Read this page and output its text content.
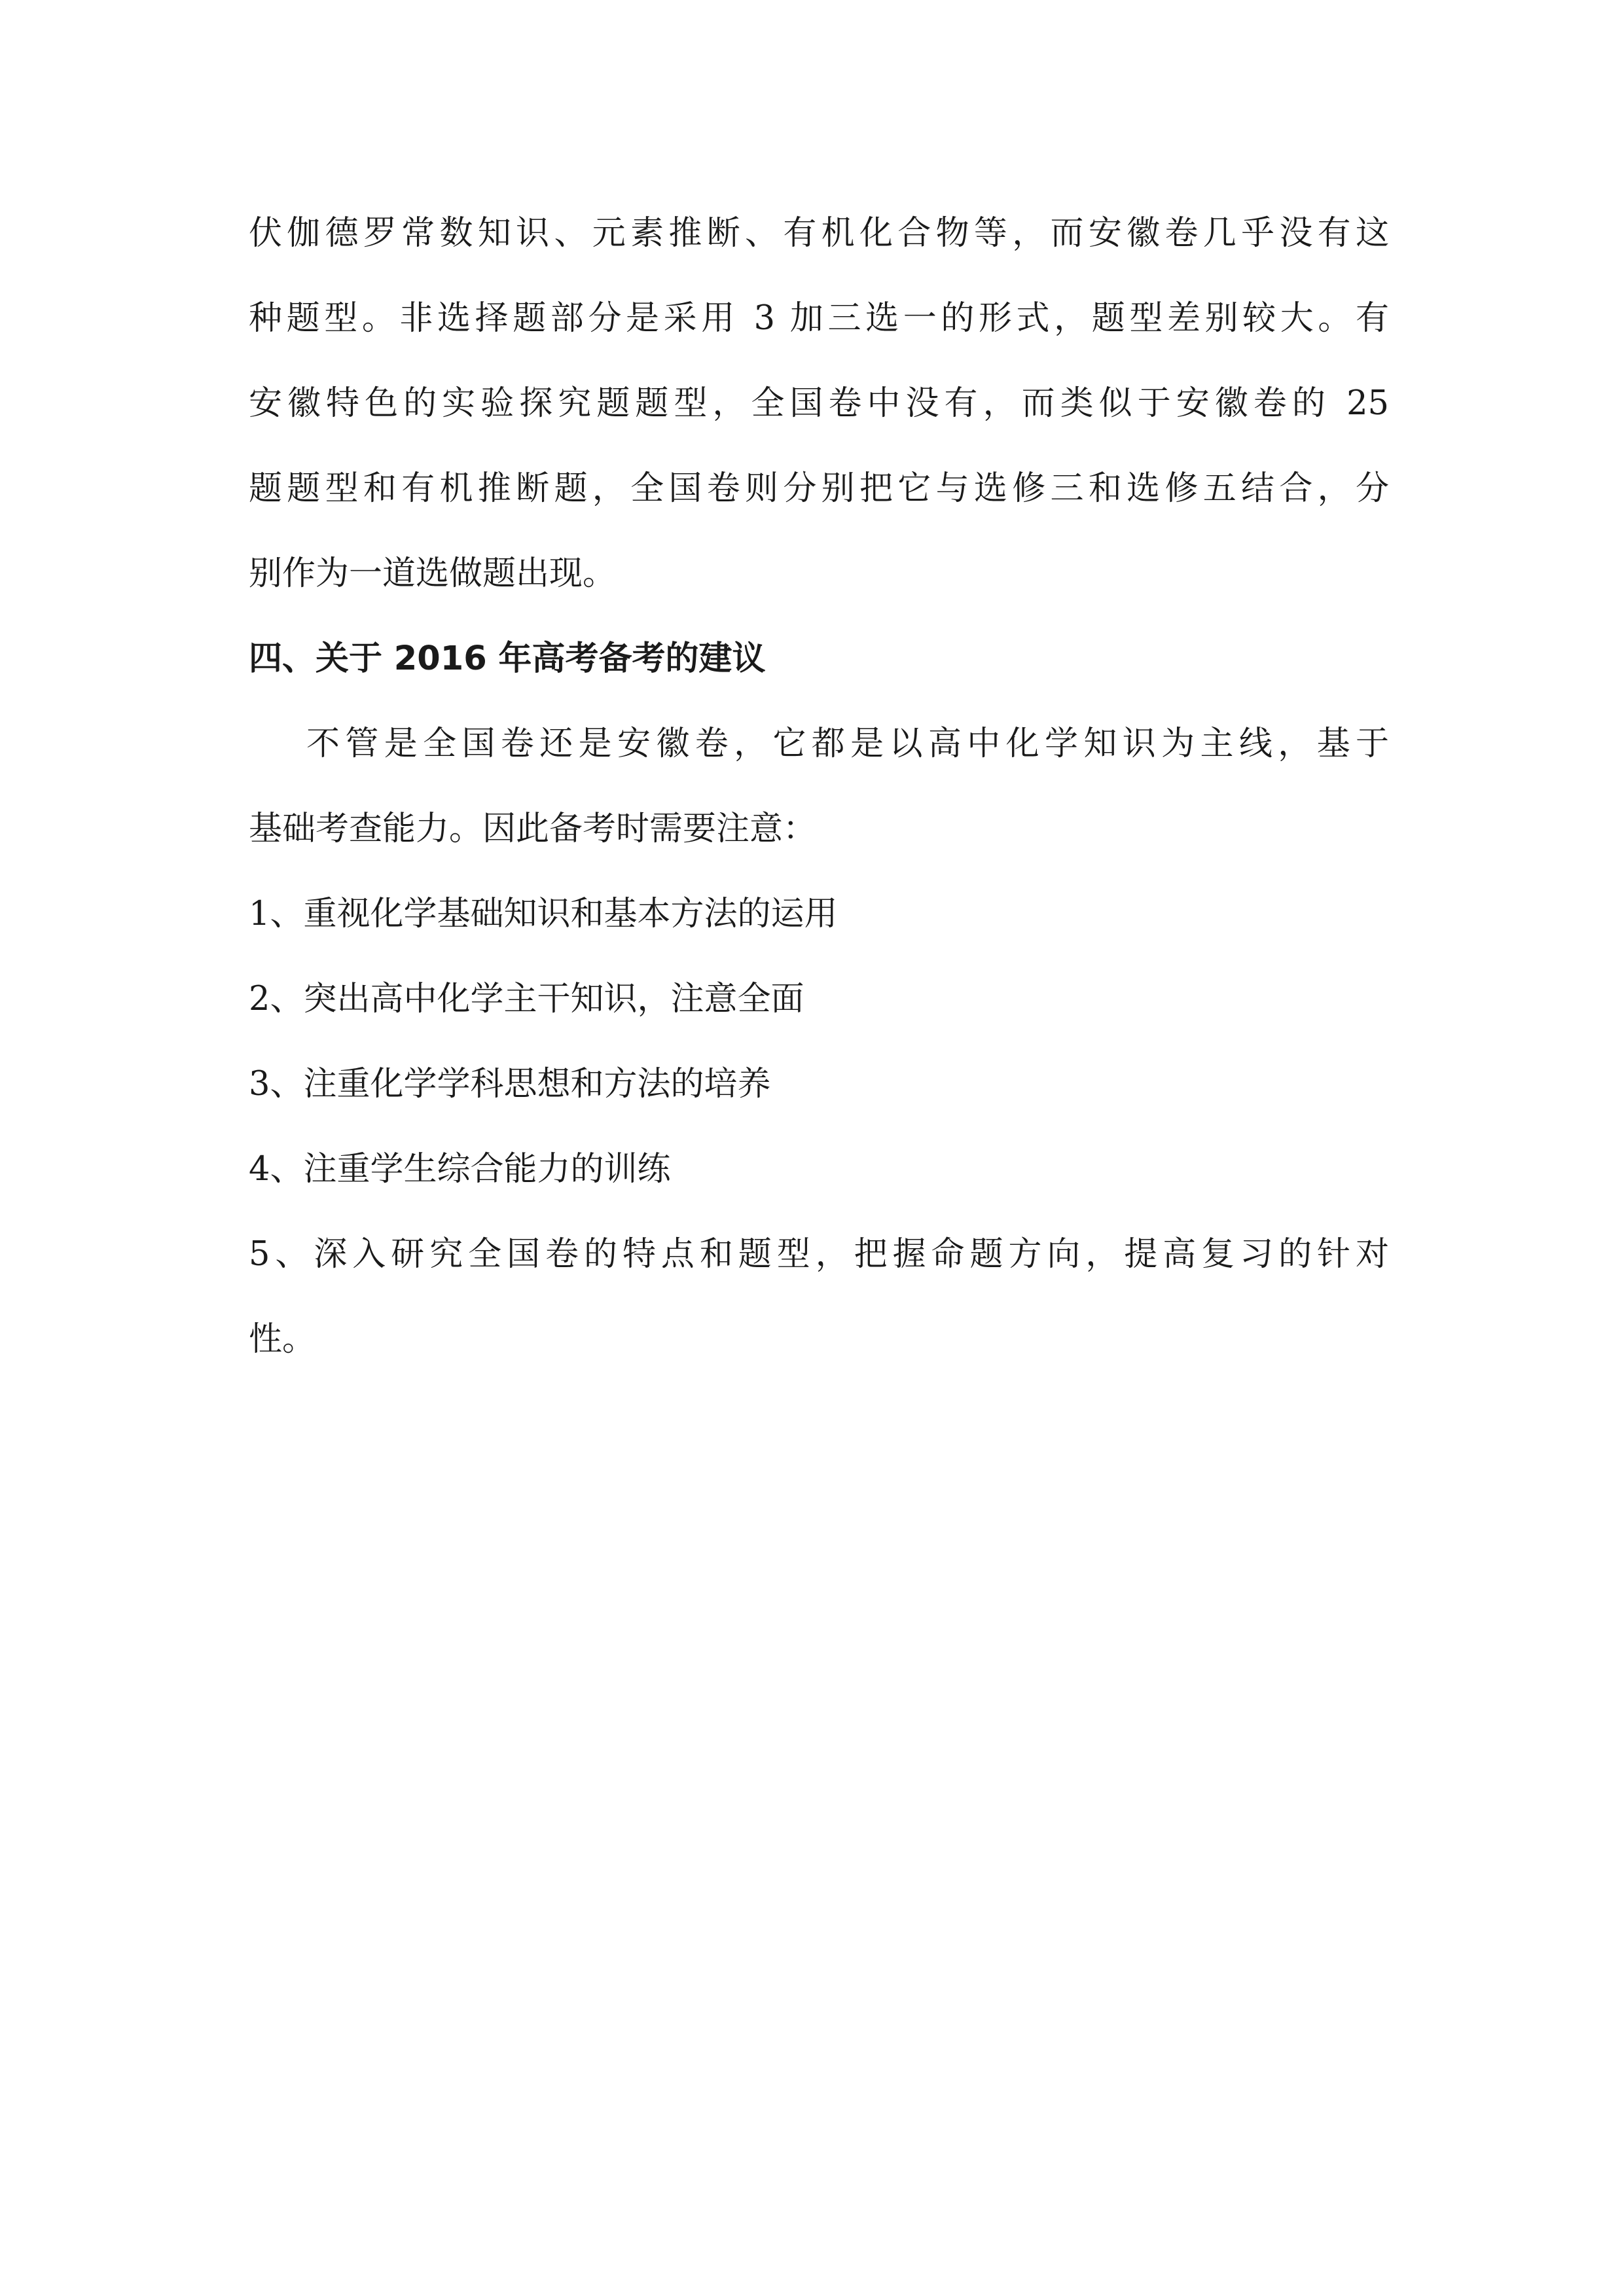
伏伽德罗常数知识、元素推断、有机化合物等，而安徽卷几乎没有这
种题型。非选择题部分是采用 3 加三选一的形式，题型差别较大。有
安徽特色的实验探究题题型，全国卷中没有，而类似于安徽卷的 25
题题型和有机推断题，全国卷则分别把它与选修三和选修五结合，分
别作为一道选做题出现。
四、关于 2016 年高考备考的建议
不管是全国卷还是安徽卷，它都是以高中化学知识为主线，基于
基础考查能力。因此备考时需要注意：
1、重视化学基础知识和基本方法的运用
2、突出高中化学主干知识，注意全面
3、注重化学学科思想和方法的培养
4、注重学生综合能力的训练
5、深入研究全国卷的特点和题型，把握命题方向，提高复习的针对
性。
